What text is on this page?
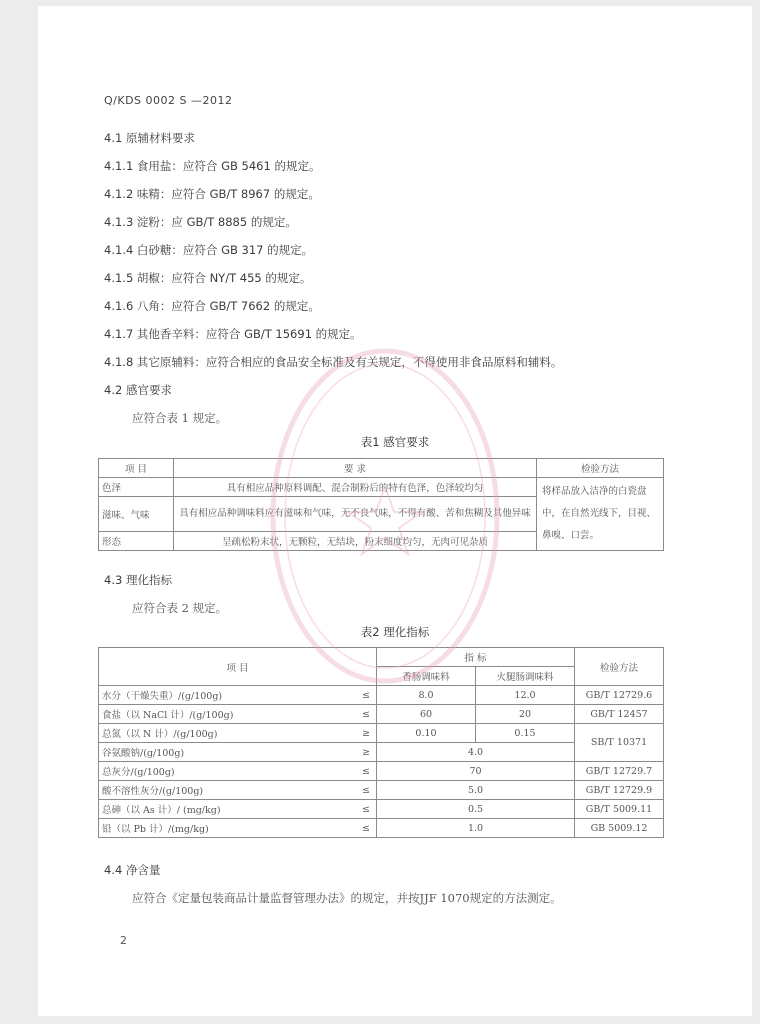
Q/KDS 0002 S —2012
4.1 原辅材料要求
4.1.1 食用盐：应符合 GB 5461 的规定。
4.1.2 味精：应符合 GB/T 8967 的规定。
4.1.3 淀粉：应 GB/T 8885 的规定。
4.1.4 白砂糖：应符合 GB 317 的规定。
4.1.5 胡椒：应符合 NY/T 455 的规定。
4.1.6 八角：应符合 GB/T 7662 的规定。
4.1.7 其他香辛料：应符合 GB/T 15691 的规定。
4.1.8 其它原辅料：应符合相应的食品安全标准及有关规定，不得使用非食品原料和辅料。
4.2 感官要求
应符合表 1 规定。
表1 感官要求
项 目	要 求	检验方法
色泽	具有相应品种原料调配、混合制粉后的特有色泽，色泽较均匀	将样品放入洁净的白瓷盘中，在自然光线下，目视、鼻嗅、口尝。
滋味、气味	具有相应品种调味料应有滋味和气味，无不良气味，不得有酸、苦和焦糊及其他异味	
形态	呈疏松粉末状，无颗粒，无结块，粉末细度均匀，无肉可见杂质	
4.3 理化指标
应符合表 2 规定。
表2 理化指标
项 目		指 标		检验方法
		香肠调味料	火腿肠调味料	
水分（干燥失重）/(g/100g)	≤	8.0	12.0	GB/T 12729.6
食盐（以 NaCl 计）/(g/100g)	≤	60	20	GB/T 12457
总氮（以 N 计）/(g/100g)	≥	0.10	0.15	SB/T 10371
谷氨酸钠/(g/100g)	≥	4.0		
总灰分/(g/100g)	≤	70		GB/T 12729.7
酸不溶性灰分/(g/100g)	≤	5.0		GB/T 12729.9
总砷（以 As 计）/ (mg/kg)	≤	0.5		GB/T 5009.11
铅（以 Pb 计）/(mg/kg)	≤	1.0		GB 5009.12
4.4 净含量
应符合《定量包装商品计量监督管理办法》的规定，并按JJF 1070规定的方法测定。
2
